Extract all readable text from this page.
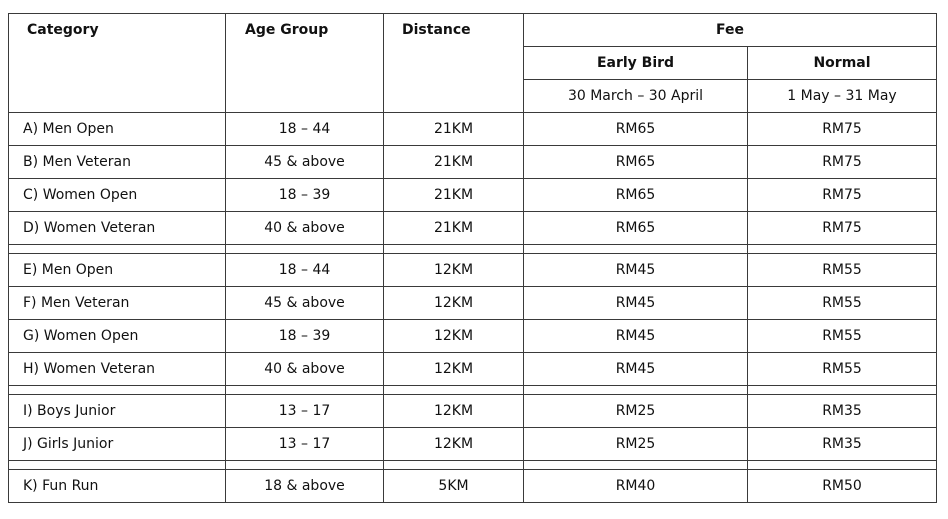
Category	Age Group	Distance	Fee	
			Early Bird	Normal
			30 March – 30 April	1 May – 31 May
A) Men Open	18 – 44	21KM	RM65	RM75
B) Men Veteran	45 & above	21KM	RM65	RM75
C) Women Open	18 – 39	21KM	RM65	RM75
D) Women Veteran	40 & above	21KM	RM65	RM75

E) Men Open	18 – 44	12KM	RM45	RM55
F) Men Veteran	45 & above	12KM	RM45	RM55
G) Women Open	18 – 39	12KM	RM45	RM55
H) Women Veteran	40 & above	12KM	RM45	RM55

I) Boys Junior	13 – 17	12KM	RM25	RM35
J) Girls Junior	13 – 17	12KM	RM25	RM35

K) Fun Run	18 & above	5KM	RM40	RM50
